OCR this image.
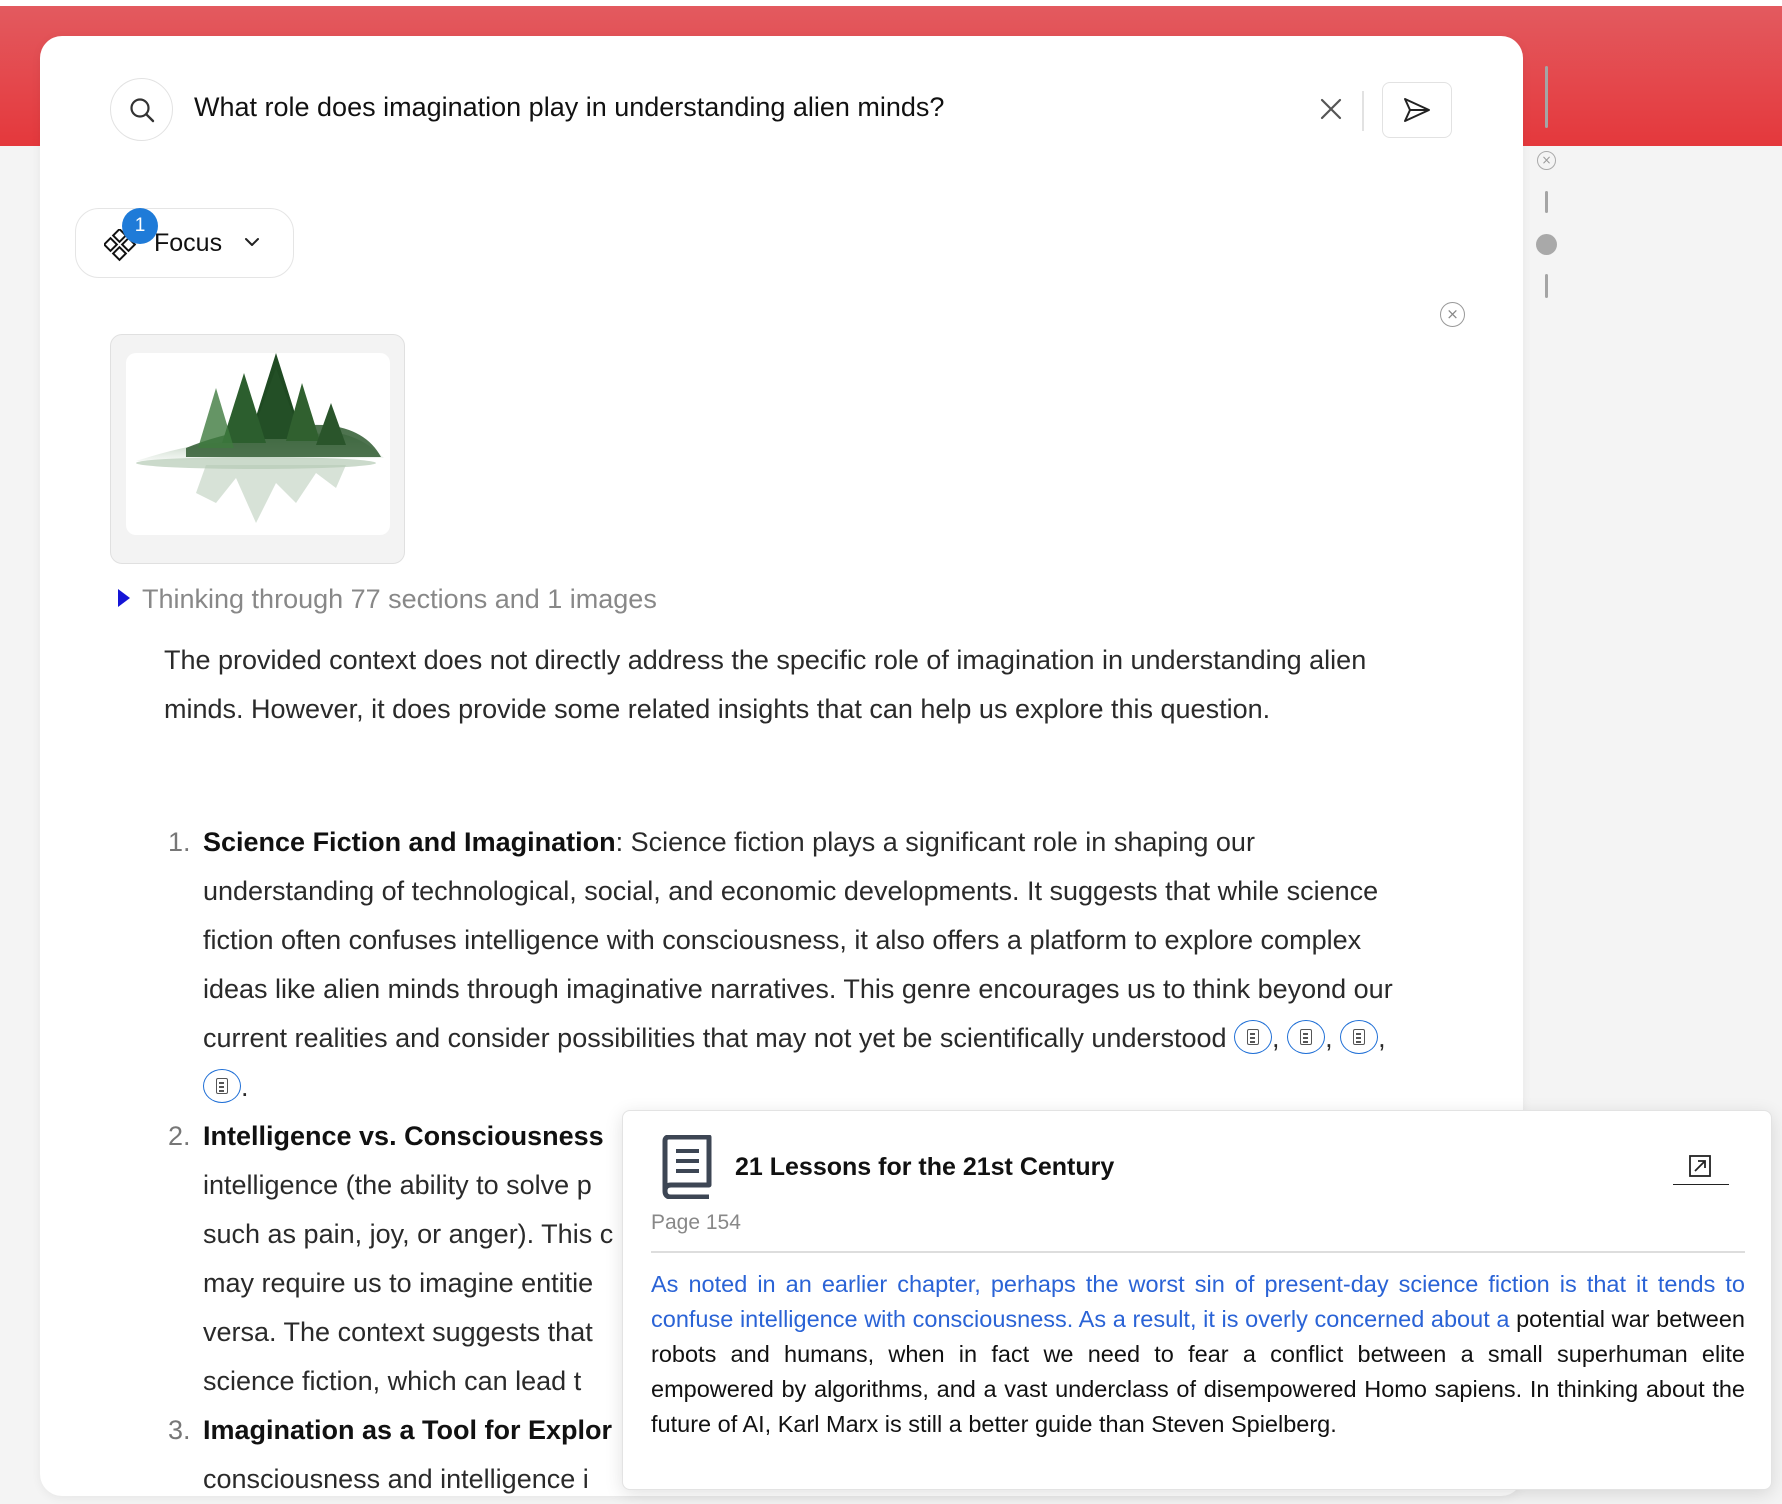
×
What role does imagination play in understanding alien minds?
1
Focus
×
Thinking through 77 sections and 1 images
The provided context does not directly address the specific role of imagination in understanding alien minds. However, it does provide some related insights that can help us explore this question.
1. Science Fiction and Imagination: Science fiction plays a significant role in shaping our understanding of technological, social, and economic developments. It suggests that while science fiction often confuses intelligence with consciousness, it also offers a platform to explore complex ideas like alien minds through imaginative narratives. This genre encourages us to think beyond our current realities and consider possibilities that may not yet be scientifically understood ,
,
,
.
2. Intelligence vs. Consciousness
intelligence (the ability to solve p
such as pain, joy, or anger). This c
may require us to imagine entitie
versa. The context suggests that
science fiction, which can lead t
3. Imagination as a Tool for Explor
consciousness and intelligence i
21 Lessons for the 21st Century
Page 154
As noted in an earlier chapter, perhaps the worst sin of present-day science fiction is that it tends to confuse intelligence with consciousness. As a result, it is overly concerned about a potential war between robots and humans, when in fact we need to fear a conflict between a small superhuman elite empowered by algorithms, and a vast underclass of disempowered Homo sapiens. In thinking about the future of AI, Karl Marx is still a better guide than Steven Spielberg.
